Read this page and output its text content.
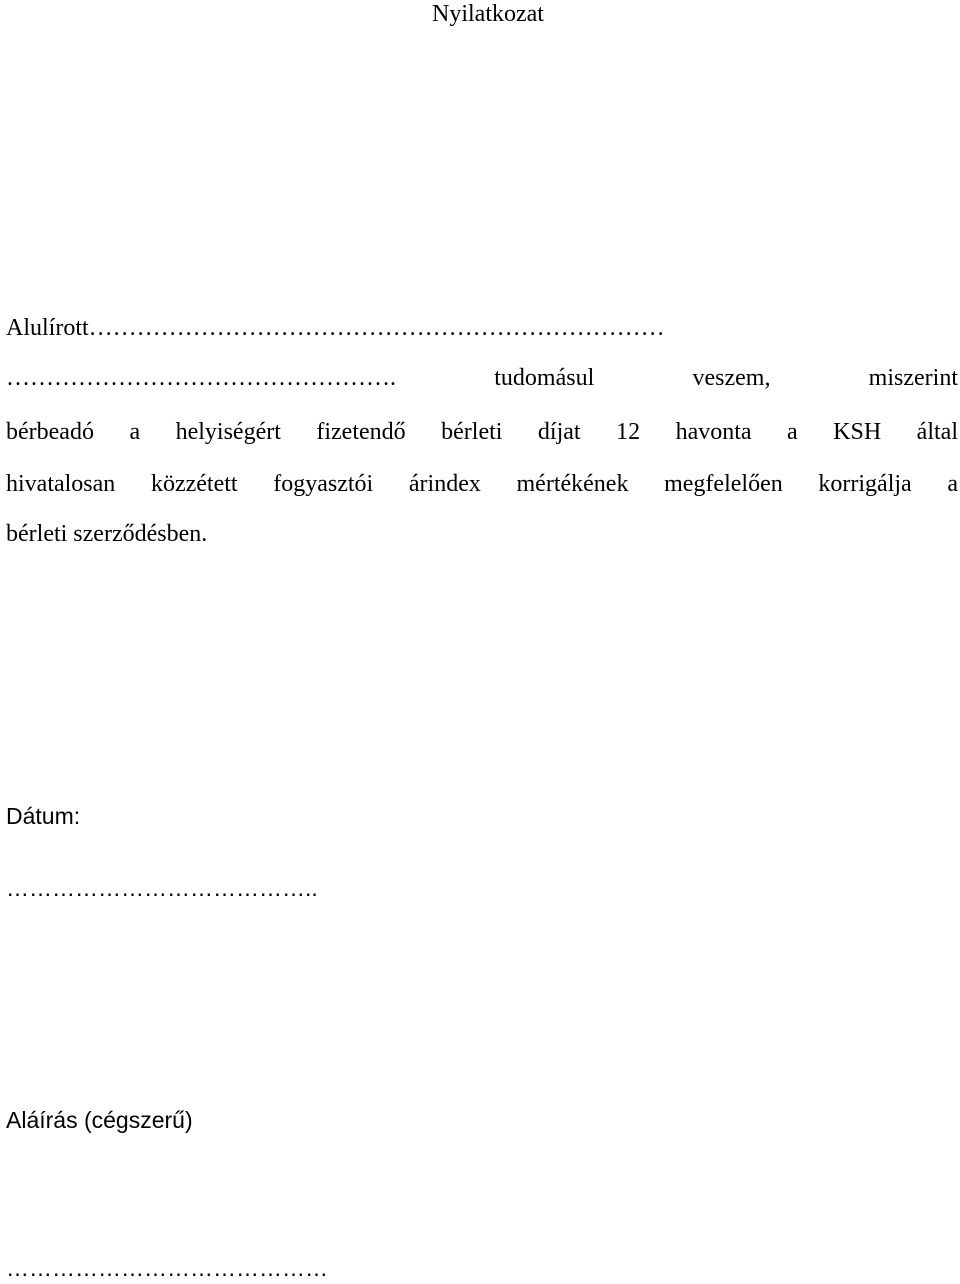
Nyilatkozat
Alulírott………………………………………………………………
…………………………………………. tudomásul veszem, miszerint
bérbeadó a helyiségért fizetendő bérleti díjat 12 havonta a KSH által
hivatalosan közzétett fogyasztói árindex mértékének megfelelően korrigálja a
bérleti szerződésben.
Dátum:
…………………………………..
Aláírás (cégszerű)
……………………………………
